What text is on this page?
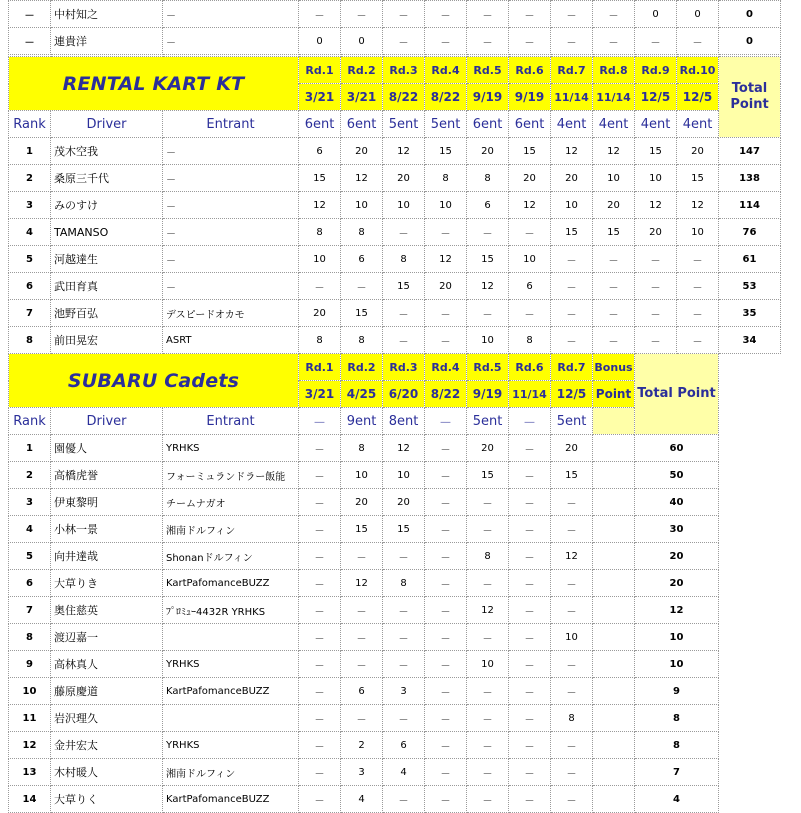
－	中村知之	－	－	－	－	－	－	－	－	－	0	0	0
－	連貴洋	－	0	0	－	－	－	－	－	－	－	－	0
RENTAL KART KT			Rd.1	Rd.2	Rd.3	Rd.4	Rd.5	Rd.6	Rd.7	Rd.8	Rd.9	Rd.10	Total
Point

			3/21	3/21	8/22	8/22	9/19	9/19	11/14	11/14	12/5	12/5	
Rank	Driver	Entrant	6ent	6ent	5ent	5ent	6ent	6ent	4ent	4ent	4ent	4ent	
1	茂木空我	－	6	20	12	15	20	15	12	12	15	20	147
2	桑原三千代	－	15	12	20	8	8	20	20	10	10	15	138
3	みのすけ	－	12	10	10	10	6	12	10	20	12	12	114
4	TAMANSO	－	8	8	－	－	－	－	15	15	20	10	76
5	河越達生	－	10	6	8	12	15	10	－	－	－	－	61
6	武田育真	－	－	－	15	20	12	6	－	－	－	－	53
7	池野百弘	デスピードオカモ	20	15	－	－	－	－	－	－	－	－	35
8	前田晃宏	ASRT	8	8	－	－	10	8	－	－	－	－	34
SUBARU Cadets			Rd.1	Rd.2	Rd.3	Rd.4	Rd.5	Rd.6	Rd.7	Bonus	Total Point
			3/21	4/25	6/20	8/22	9/19	11/14	12/5	Point	
Rank	Driver	Entrant	－	9ent	8ent	－	5ent	－	5ent		
1	園優人	YRHKS	－	8	12	－	20	－	20		60
2	高橋虎誉	フォーミュランドラー飯能	－	10	10	－	15	－	15		50
3	伊東黎明	チームナガオ	－	20	20	－	－	－	－		40
4	小林一景	湘南ドルフィン	－	15	15	－	－	－	－		30
5	向井達哉	Shonanドルフィン	－	－	－	－	8	－	12		20
6	大草りき	KartPafomanceBUZZ	－	12	8	－	－	－	－		20
7	奥住慈英	ﾌﾟﾛﾐｭｰ4432R YRHKS	－	－	－	－	12	－	－		12
8	渡辺嘉一		－	－	－	－	－	－	10		10
9	高林真人	YRHKS	－	－	－	－	10	－	－		10
10	藤原慶道	KartPafomanceBUZZ	－	6	3	－	－	－	－		9
11	岩沢理久		－	－	－	－	－	－	8		8
12	金井宏太	YRHKS	－	2	6	－	－	－	－		8
13	木村暖人	湘南ドルフィン	－	3	4	－	－	－	－		7
14	大草りく	KartPafomanceBUZZ	－	4	－	－	－	－	－		4
